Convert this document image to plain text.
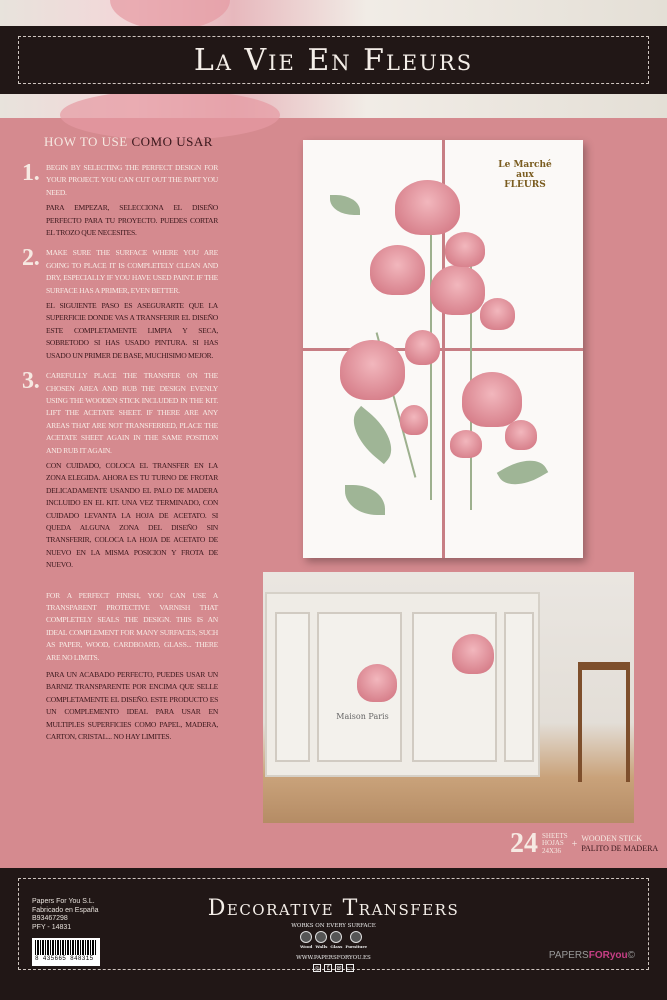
La Vie En Fleurs
HOW TO USE COMO USAR
1. BEGIN BY SELECTING THE PERFECT DESIGN FOR YOUR PROJECT. YOU CAN CUT OUT THE PART YOU NEED.
PARA EMPEZAR, SELECCIONA EL DISEÑO PERFECTO PARA TU PROYECTO. PUEDES CORTAR EL TROZO QUE NECESITES.
2. MAKE SURE THE SURFACE WHERE YOU ARE GOING TO PLACE IT IS COMPLETELY CLEAN AND DRY, ESPECIALLY IF YOU HAVE USED PAINT. IF THE SURFACE HAS A PRIMER, EVEN BETTER.
EL SIGUIENTE PASO ES ASEGURARTE QUE LA SUPERFICIE DONDE VAS A TRANSFERIR EL DISEÑO ESTE COMPLETAMENTE LIMPIA Y SECA, SOBRETODO SI HAS USADO PINTURA. SI HAS USADO UN PRIMER DE BASE, MUCHISIMO MEJOR.
3. CAREFULLY PLACE THE TRANSFER ON THE CHOSEN AREA AND RUB THE DESIGN EVENLY USING THE WOODEN STICK INCLUDED IN THE KIT. LIFT THE ACETATE SHEET. IF THERE ARE ANY AREAS THAT ARE NOT TRANSFERRED, PLACE THE ACETATE SHEET AGAIN IN THE SAME POSITION AND RUB IT AGAIN.
CON CUIDADO, COLOCA EL TRANSFER EN LA ZONA ELEGIDA. AHORA ES TU TURNO DE FROTAR DELICADAMENTE USANDO EL PALO DE MADERA INCLUIDO EN EL KIT. UNA VEZ TERMINADO, CON CUIDADO LEVANTA LA HOJA DE ACETATO. SI QUEDA ALGUNA ZONA DEL DISEÑO SIN TRANSFERIR, COLOCA LA HOJA DE ACETATO DE NUEVO EN LA MISMA POSICION Y FROTA DE NUEVO.
FOR A PERFECT FINISH, YOU CAN USE A TRANSPARENT PROTECTIVE VARNISH THAT COMPLETELY SEALS THE DESIGN. THIS IS AN IDEAL COMPLEMENT FOR MANY SURFACES, SUCH AS PAPER, WOOD, CARDBOARD, GLASS... THERE ARE NO LIMITS.
PARA UN ACABADO PERFECTO, PUEDES USAR UN BARNIZ TRANSPARENTE POR ENCIMA QUE SELLE COMPLETAMENTE EL DISEÑO. ESTE PRODUCTO ES UN COMPLEMENTO IDEAL PARA USAR EN MULTIPLES SUPERFICIES COMO PAPEL, MADERA, CARTON, CRISTAL... NO HAY LIMITES.
Le Marché aux FLEURS
Maison Paris
24 SHEETS
HOJAS
24X36
+ WOODEN STICK
PALITO DE MADERA
Decorative Transfers
Papers For You S.L.
Fabricado en España
B93467298
PFY - 14831
8 435665 848315
WORKS ON EVERY SURFACE
Wood Walls Glass Furniture
WWW.PAPERSFORYOU.ES
◎	f	✉ ▭
PAPERSFORyou©
